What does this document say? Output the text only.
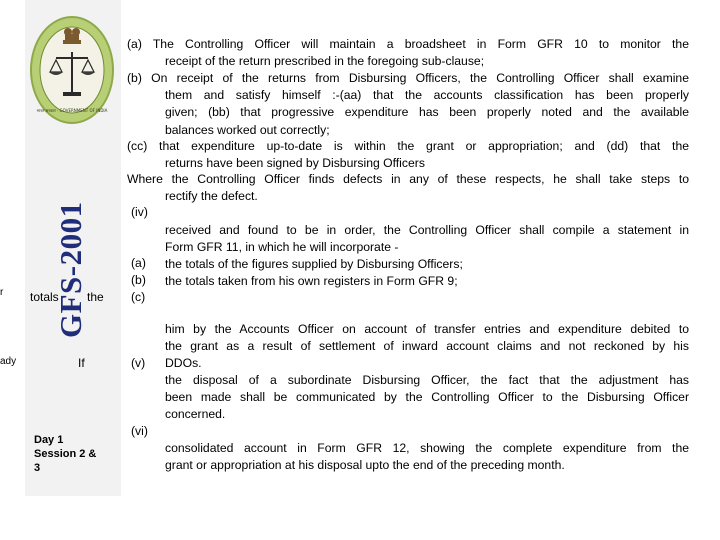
भारत सरकार · GOVERNMENT OF INDIA
GFS-2001
totals the
If
r
ady
Day 1
Session 2 &
3
(a) The Controlling Officer will maintain a broadsheet in Form GFR 10 to monitor the
receipt of the return prescribed in the foregoing sub-clause;
(b) On receipt of the returns from Disbursing Officers, the Controlling Officer shall examine
them and satisfy himself :-(aa) that the accounts classification has been properly
given; (bb) that progressive expenditure has been properly noted and the available
balances worked out correctly;
(cc) that expenditure up-to-date is within the grant or appropriation; and (dd) that the
returns have been signed by Disbursing Officers
Where the Controlling Officer finds defects in any of these respects, he shall take steps to
rectify the defect.
(iv)
received and found to be in order, the Controlling Officer shall compile a statement in
Form GFR 11, in which he will incorporate -
(a) the totals of the figures supplied by Disbursing Officers;
(b) the totals taken from his own registers in Form GFR 9;
(c)
him by the Accounts Officer on account of transfer entries and expenditure debited to
the grant as a result of settlement of inward account claims and not reckoned by his
DDOs.
(v)
the disposal of a subordinate Disbursing Officer, the fact that the adjustment has
been made shall be communicated by the Controlling Officer to the Disbursing Officer
concerned.
(vi)
consolidated account in Form GFR 12, showing the complete expenditure from the
grant or appropriation at his disposal upto the end of the preceding month.
